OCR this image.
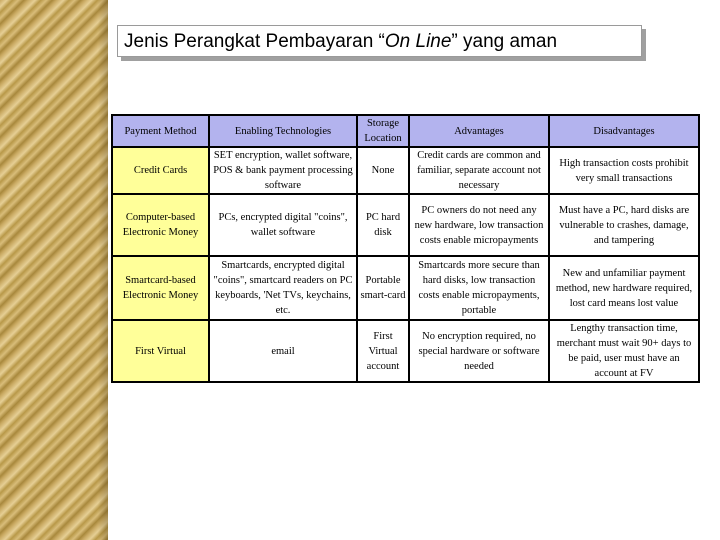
Jenis Perangkat Pembayaran “On Line” yang aman
Payment Method	Enabling Technologies	Storage Location	Advantages	Disadvantages
Credit Cards	SET encryption, wallet software, POS & bank payment processing software	None	Credit cards are common and familiar, separate account not necessary	High transaction costs prohibit very small transactions
Computer-based Electronic Money	PCs, encrypted digital "coins", wallet software	PC hard disk	PC owners do not need any new hardware, low transaction costs enable micropayments	Must have a PC, hard disks are vulnerable to crashes, damage, and tampering
Smartcard-based Electronic Money	Smartcards, encrypted digital "coins", smartcard readers on PC keyboards, 'Net TVs, keychains, etc.	Portable smart-card	Smartcards more secure than hard disks, low transaction costs enable micropayments, portable	New and unfamiliar payment method, new hardware required, lost card means lost value
First Virtual	email	First Virtual account	No encryption required, no special hardware or software needed	Lengthy transaction time, merchant must wait 90+ days to be paid, user must have an account at FV
